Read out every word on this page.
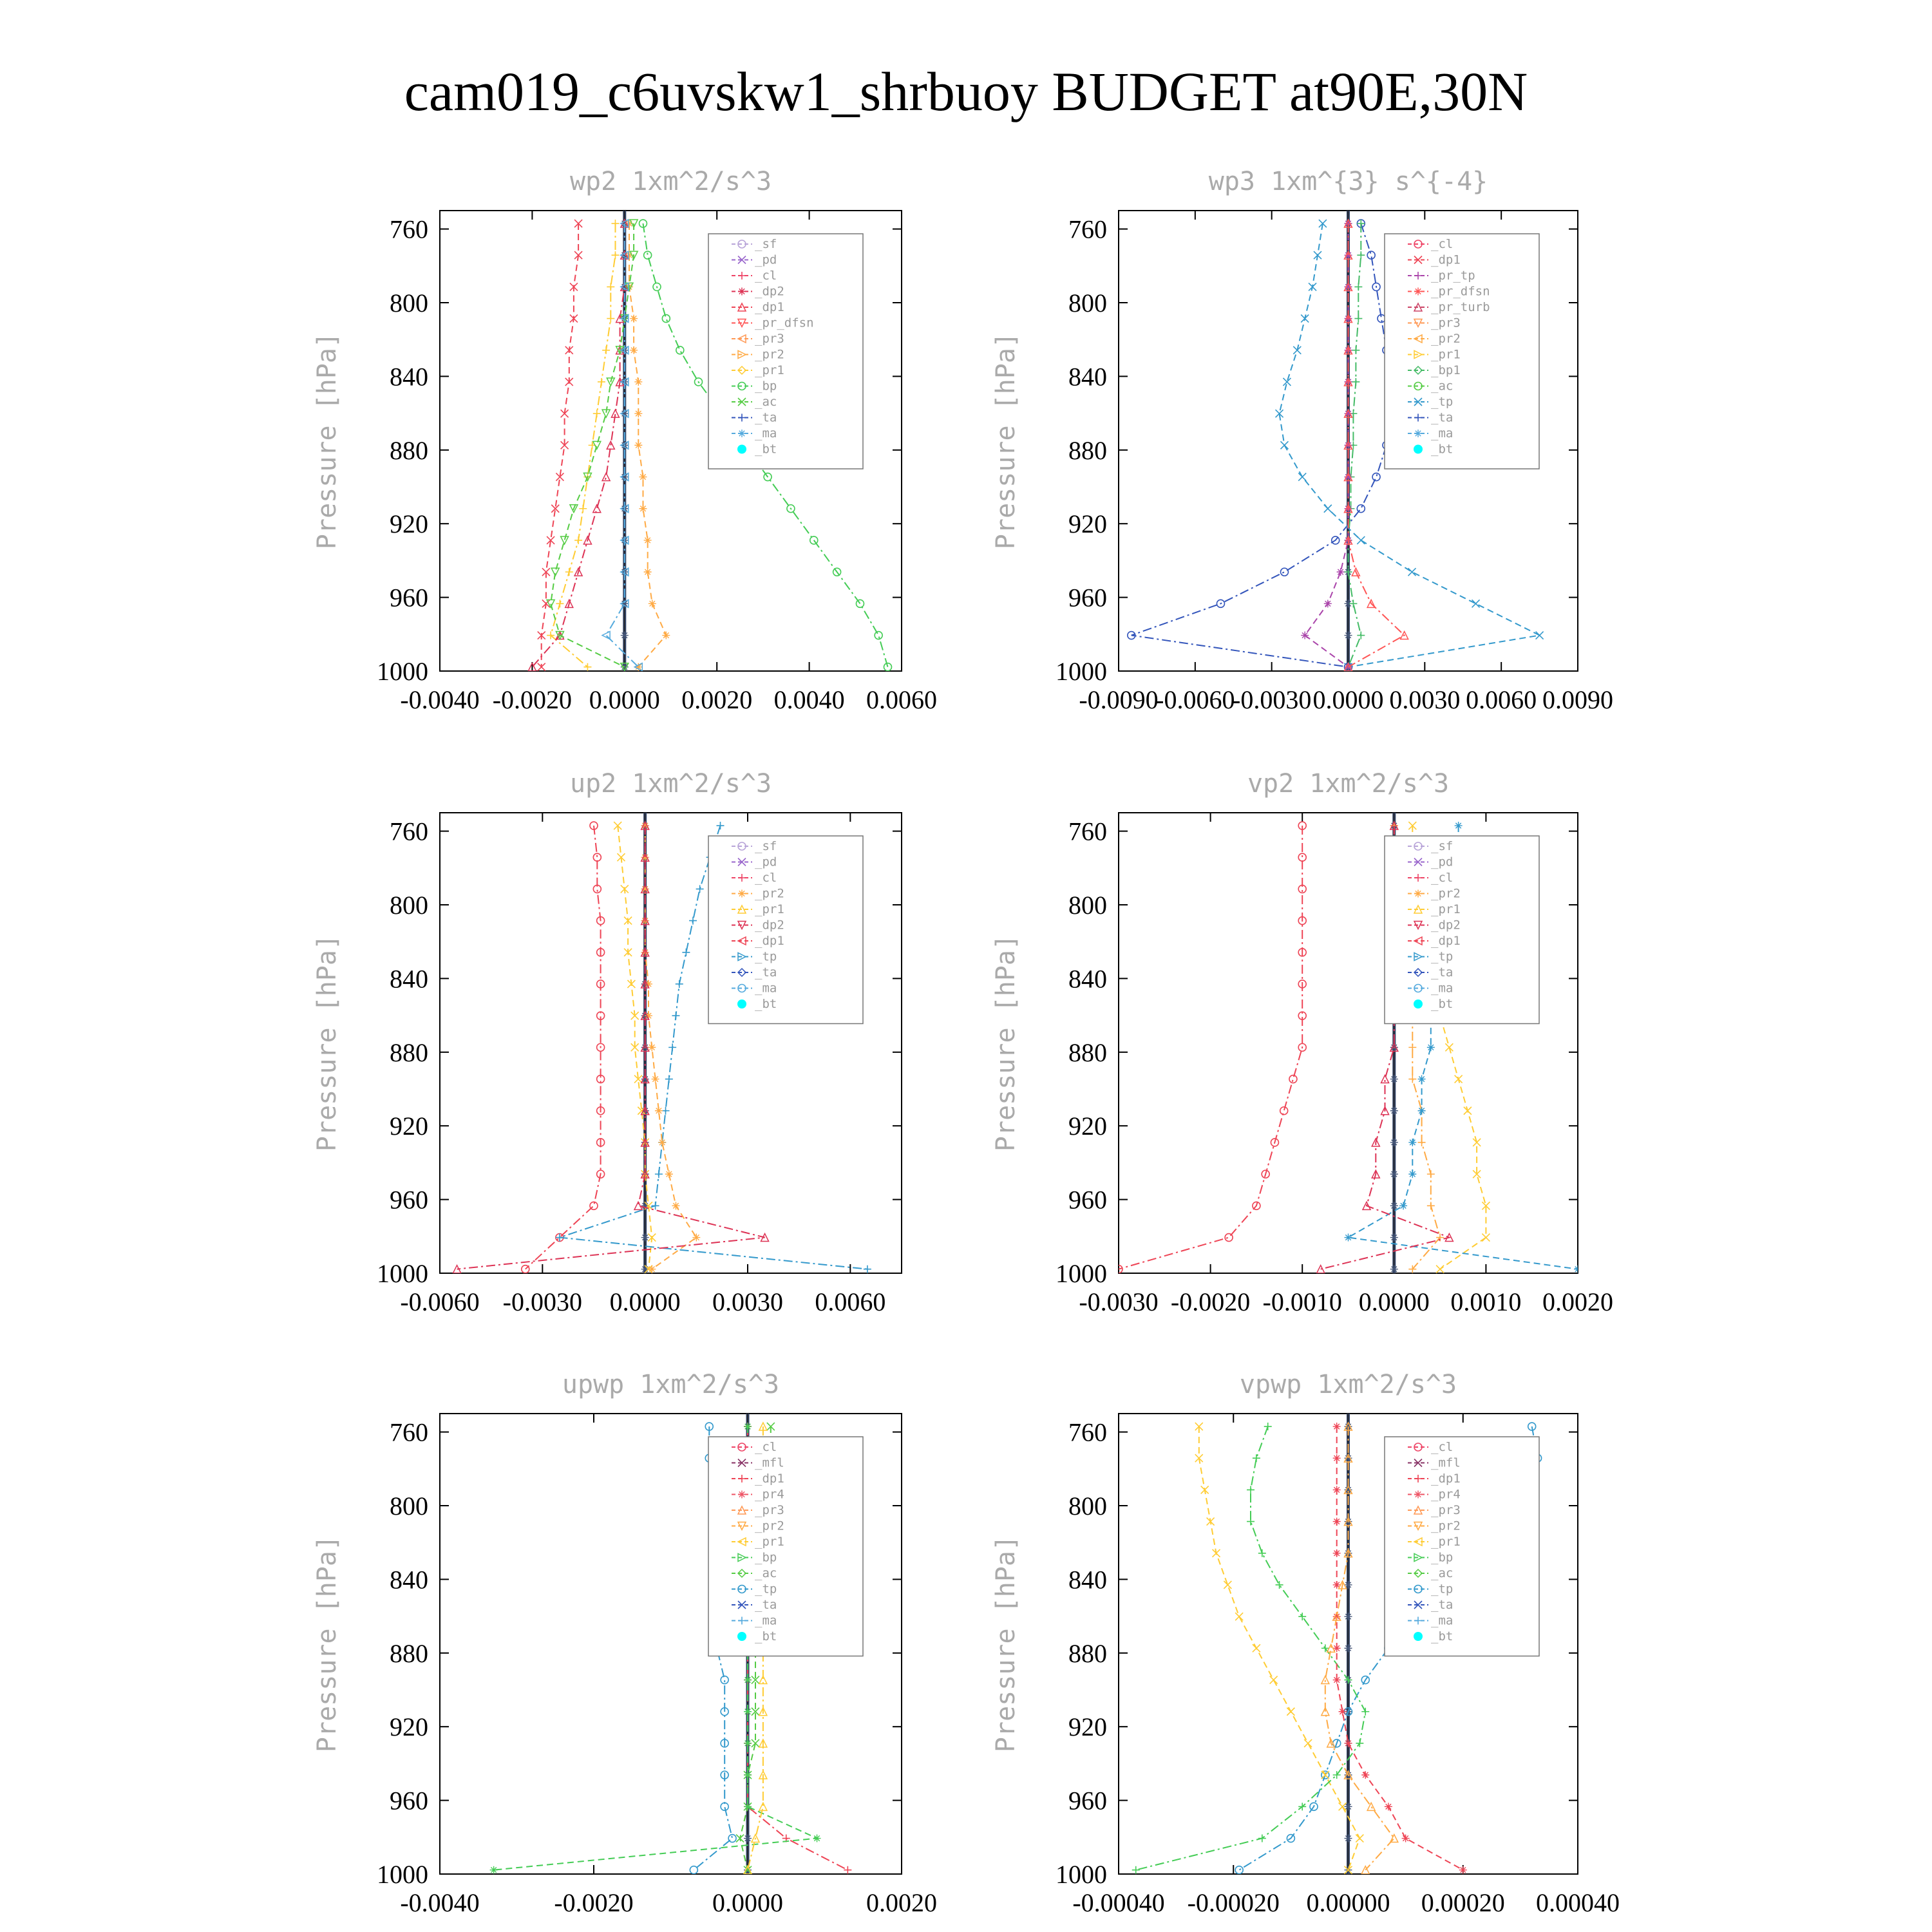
cam019_c6uvskw1_shrbuoy BUDGET at90E,30N
wp2 1xm^2/s^3
Pressure [hPa]
760
800
840
880
920
960
1000
-0.0040 -0.0020 0.0000 0.0020 0.0040 0.0060
_sf
_pd
_cl
_dp2
_dp1
_pr_dfsn
_pr3
_pr2
_pr1
_bp
_ac
_ta
_ma
_bt
wp3 1xm^{3} s^{-4}
Pressure [hPa]
760
800
840
880
920
960
1000
-0.0090
-0.0060
-0.0030 0.0000 0.0030 0.0060 0.0090
_cl
_dp1
_pr_tp
_pr_dfsn
_pr_turb
_pr3
_pr2
_pr1
_bp1
_ac
_tp
_ta
_ma
_bt
up2 1xm^2/s^3
Pressure [hPa]
760
800
840
880
920
960
1000
-0.0060 -0.0030 0.0000 0.0030 0.0060
_sf
_pd
_cl
_pr2
_pr1
_dp2
_dp1
_tp
_ta
_ma
_bt
vp2 1xm^2/s^3
Pressure [hPa]
760
800
840
880
920
960
1000
-0.0030 -0.0020 -0.0010 0.0000 0.0010 0.0020
_sf
_pd
_cl
_pr2
_pr1
_dp2
_dp1
_tp
_ta
_ma
_bt
upwp 1xm^2/s^3
Pressure [hPa]
760
800
840
880
920
960
1000
-0.0040	-0.0020	0.0000	0.0020
_cl
_mfl
_dp1
_pr4
_pr3
_pr2
_pr1
_bp
_ac
_tp
_ta
_ma
_bt
vpwp 1xm^2/s^3
Pressure [hPa]
760
800
840
880
920
960
1000
-0.00040 -0.00020 0.00000 0.00020 0.00040
_cl
_mfl
_dp1
_pr4
_pr3
_pr2
_pr1
_bp
_ac
_tp
_ta
_ma
_bt
